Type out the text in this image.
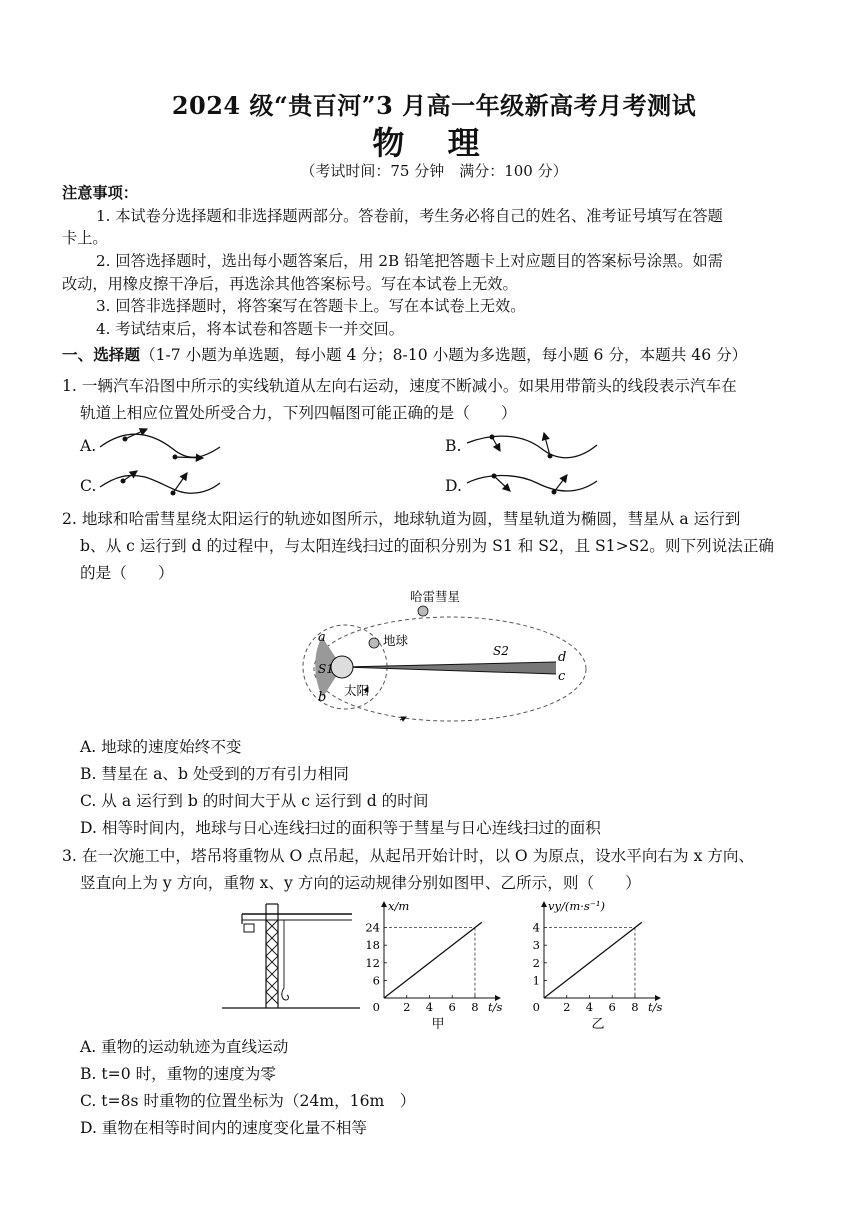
2024 级“贵百河”3 月高一年级新高考月考测试
物 理
（考试时间：75 分钟　满分：100 分）
注意事项：
1. 本试卷分选择题和非选择题两部分。答卷前，考生务必将自己的姓名、准考证号填写在答题
卡上。
2. 回答选择题时，选出每小题答案后，用 2B 铅笔把答题卡上对应题目的答案标号涂黑。如需
改动，用橡皮擦干净后，再选涂其他答案标号。写在本试卷上无效。
3. 回答非选择题时，将答案写在答题卡上。写在本试卷上无效。
4. 考试结束后，将本试卷和答题卡一并交回。
一、选择题（1-7 小题为单选题，每小题 4 分；8-10 小题为多选题，每小题 6 分，本题共 46 分）
1. 一辆汽车沿图中所示的实线轨道从左向右运动，速度不断减小。如果用带箭头的线段表示汽车在
轨道上相应位置处所受合力，下列四幅图可能正确的是（　　）
A.	B.
C.	D.
2. 地球和哈雷彗星绕太阳运行的轨迹如图所示，地球轨道为圆，彗星轨道为椭圆，彗星从 a 运行到
b、从 c 运行到 d 的过程中，与太阳连线扫过的面积分别为 S1 和 S2，且 S1>S2。则下列说法正确
的是（　　）
哈雷彗星
地球
太阳
a
b
c
d
S1
S2
A. 地球的速度始终不变
B. 彗星在 a、b 处受到的万有引力相同
C. 从 a 运行到 b 的时间大于从 c 运行到 d 的时间
D. 相等时间内，地球与日心连线扫过的面积等于彗星与日心连线扫过的面积
3. 在一次施工中，塔吊将重物从 O 点吊起，从起吊开始计时，以 O 为原点，设水平向右为 x 方向、
竖直向上为 y 方向，重物 x、y 方向的运动规律分别如图甲、乙所示，则（　　）
2 4 6 8
6
12
18
24
0
x/m
t/s
甲
2 4 6 8
1
2
3
4
0
vy/(m·s⁻¹)
t/s
乙
A. 重物的运动轨迹为直线运动
B. t=0 时，重物的速度为零
C. t=8s 时重物的位置坐标为（24m，16m　）
D. 重物在相等时间内的速度变化量不相等
